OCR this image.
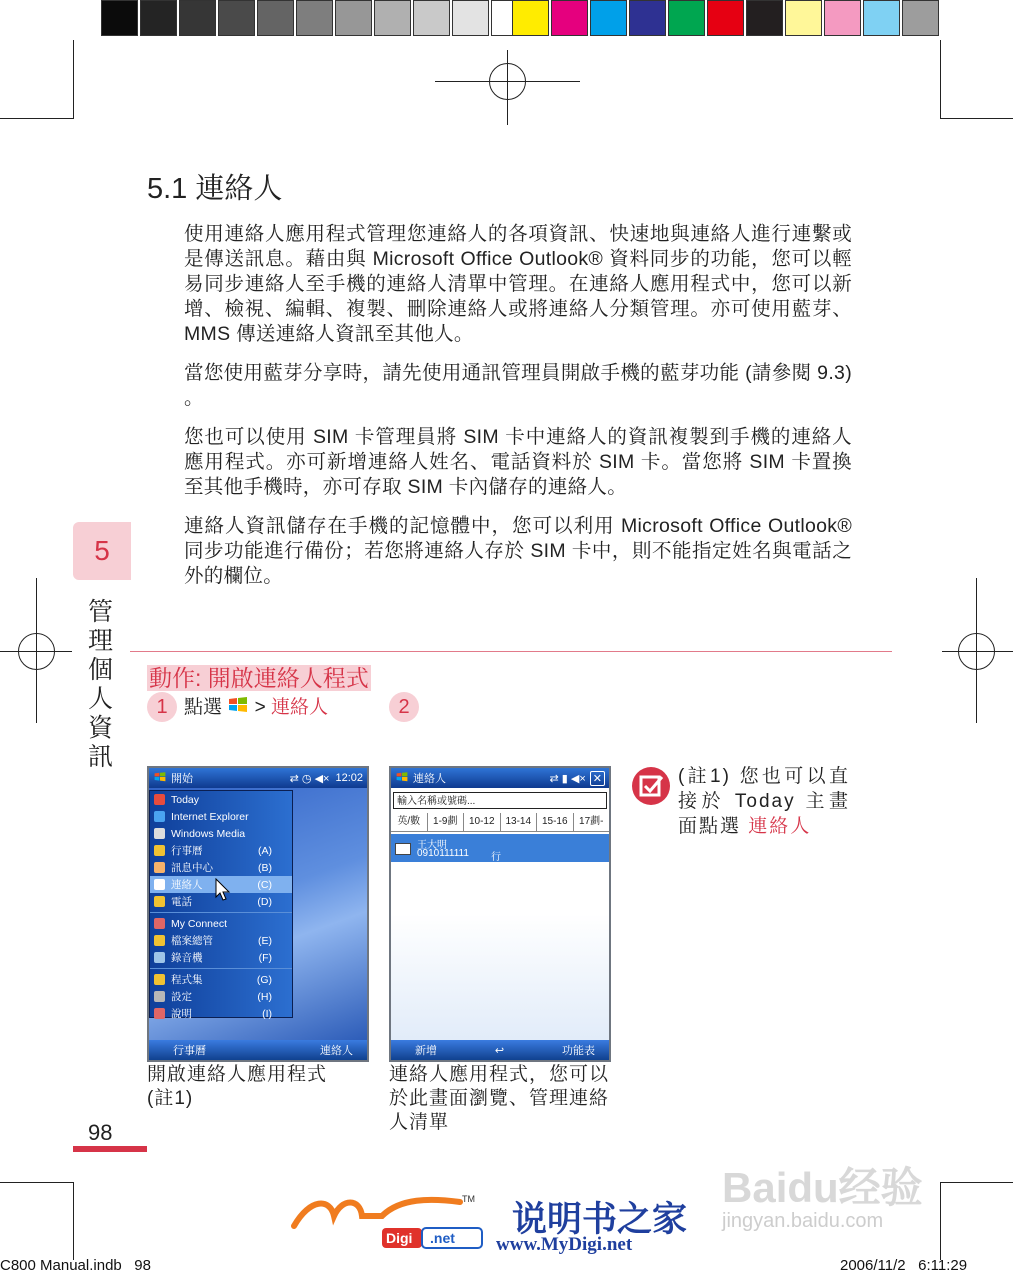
5.1 連絡人
使用連絡人應用程式管理您連絡人的各項資訊、快速地與連絡人進行連繫或是傳送訊息。藉由與 Microsoft Office Outlook® 資料同步的功能，您可以輕易同步連絡人至手機的連絡人清單中管理。在連絡人應用程式中，您可以新增、檢視、編輯、複製、刪除連絡人或將連絡人分類管理。亦可使用藍芽、MMS 傳送連絡人資訊至其他人。
當您使用藍芽分享時，請先使用通訊管理員開啟手機的藍芽功能 (請參閱 9.3) 。
您也可以使用 SIM 卡管理員將 SIM 卡中連絡人的資訊複製到手機的連絡人應用程式。亦可新增連絡人姓名、電話資料於 SIM 卡。當您將 SIM 卡置換至其他手機時，亦可存取 SIM 卡內儲存的連絡人。
連絡人資訊儲存在手機的記憶體中，您可以利用 Microsoft Office Outlook® 同步功能進行備份；若您將連絡人存於 SIM 卡中，則不能指定姓名與電話之外的欄位。
5
管理個人資訊
動作: 開啟連絡人程式
1	2
點選 > 連絡人
開始	⇄ ◷ ◀× 12:02
Today
Internet Explorer
Windows Media
行事曆	(A)
訊息中心	(B)
連絡人	(C)
電話	(D)
My Connect
檔案總管	(E)
錄音機	(F)
程式集	(G)
設定	(H)
說明	(I)
行事曆	連絡人
連絡人	⇄ ▮ ◀× ✕
輸入名稱或號碼...
英/數	1-9劃	10-12	13-14	15-16	17劃-
王大明
0910111111 行
新增	↩	功能表
開啟連絡人應用程式 (註1)
連絡人應用程式，您可以於此畫面瀏覽、管理連絡人清單
(註1) 您也可以直接於 Today 主畫面點選 連絡人
98
TM
Digi .net 说明书之家
www.MyDigi.net
Baidu经验
jingyan.baidu.com
C800 Manual.indb 98	2006/11/2 6:11:29
